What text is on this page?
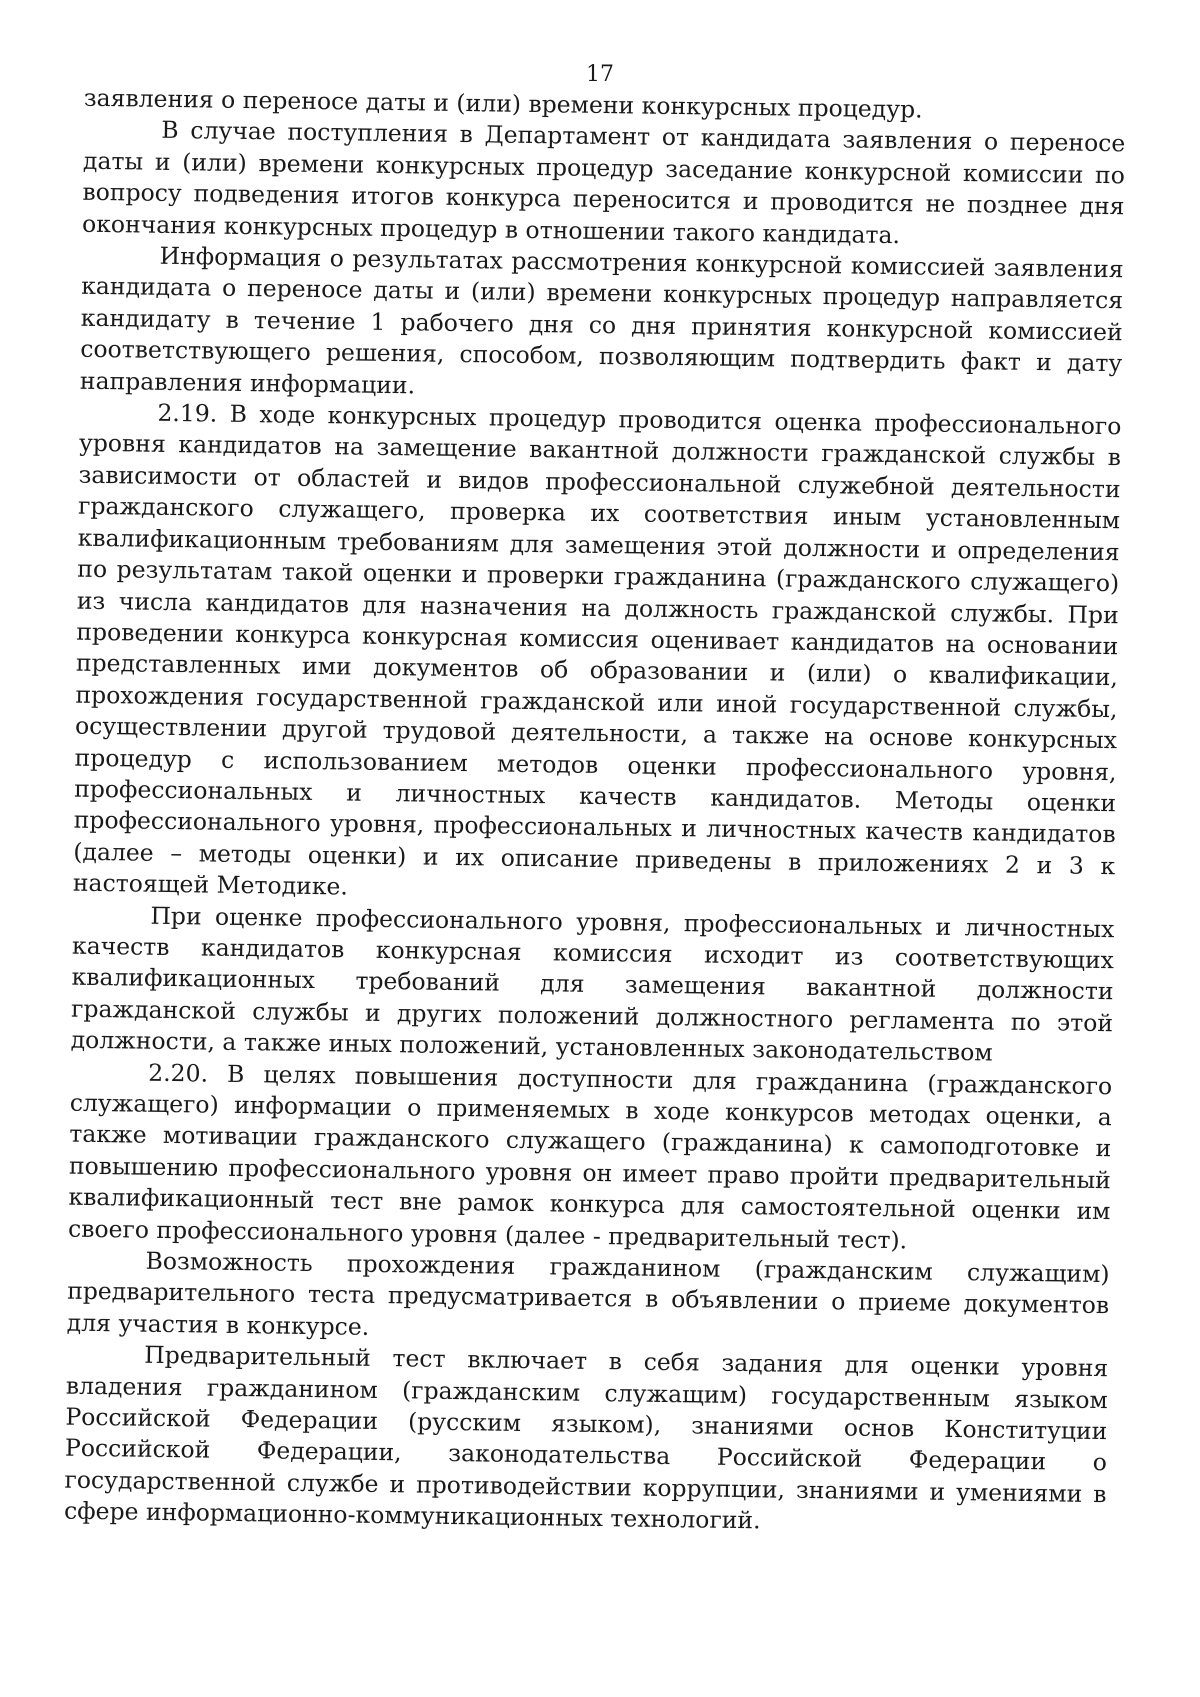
17

заявления о переносе даты и (или) времени конкурсных процедур.

В случае поступления в Департамент от кандидата заявления о переносе даты и (или) времени конкурсных процедур заседание конкурсной комиссии по вопросу подведения итогов конкурса переносится и проводится не позднее дня окончания конкурсных процедур в отношении такого кандидата.

Информация о результатах рассмотрения конкурсной комиссией заявления кандидата о переносе даты и (или) времени конкурсных процедур направляется кандидату в течение 1 рабочего дня со дня принятия конкурсной комиссией соответствующего решения, способом, позволяющим подтвердить факт и дату направления информации.

2.19. В ходе конкурсных процедур проводится оценка профессионального уровня кандидатов на замещение вакантной должности гражданской службы в зависимости от областей и видов профессиональной служебной деятельности гражданского служащего, проверка их соответствия иным установленным квалификационным требованиям для замещения этой должности и определения по результатам такой оценки и проверки гражданина (гражданского служащего) из числа кандидатов для назначения на должность гражданской службы. При проведении конкурса конкурсная комиссия оценивает кандидатов на основании представленных ими документов об образовании и (или) о квалификации, прохождения государственной гражданской или иной государственной службы, осуществлении другой трудовой деятельности, а также на основе конкурсных процедур с использованием методов оценки профессионального уровня, профессиональных и личностных качеств кандидатов. Методы оценки профессионального уровня, профессиональных и личностных качеств кандидатов (далее – методы оценки) и их описание приведены в приложениях 2 и 3 к настоящей Методике.

При оценке профессионального уровня, профессиональных и личностных качеств кандидатов конкурсная комиссия исходит из соответствующих квалификационных требований для замещения вакантной должности гражданской службы и других положений должностного регламента по этой должности, а также иных положений, установленных законодательством

2.20. В целях повышения доступности для гражданина (гражданского служащего) информации о применяемых в ходе конкурсов методах оценки, а также мотивации гражданского служащего (гражданина) к самоподготовке и повышению профессионального уровня он имеет право пройти предварительный квалификационный тест вне рамок конкурса для самостоятельной оценки им своего профессионального уровня (далее - предварительный тест).

Возможность прохождения гражданином (гражданским служащим) предварительного теста предусматривается в объявлении о приеме документов для участия в конкурсе.

Предварительный тест включает в себя задания для оценки уровня владения гражданином (гражданским служащим) государственным языком Российской Федерации (русским языком), знаниями основ Конституции Российской Федерации, законодательства Российской Федерации о государственной службе и противодействии коррупции, знаниями и умениями в сфере информационно-коммуникационных технологий.
